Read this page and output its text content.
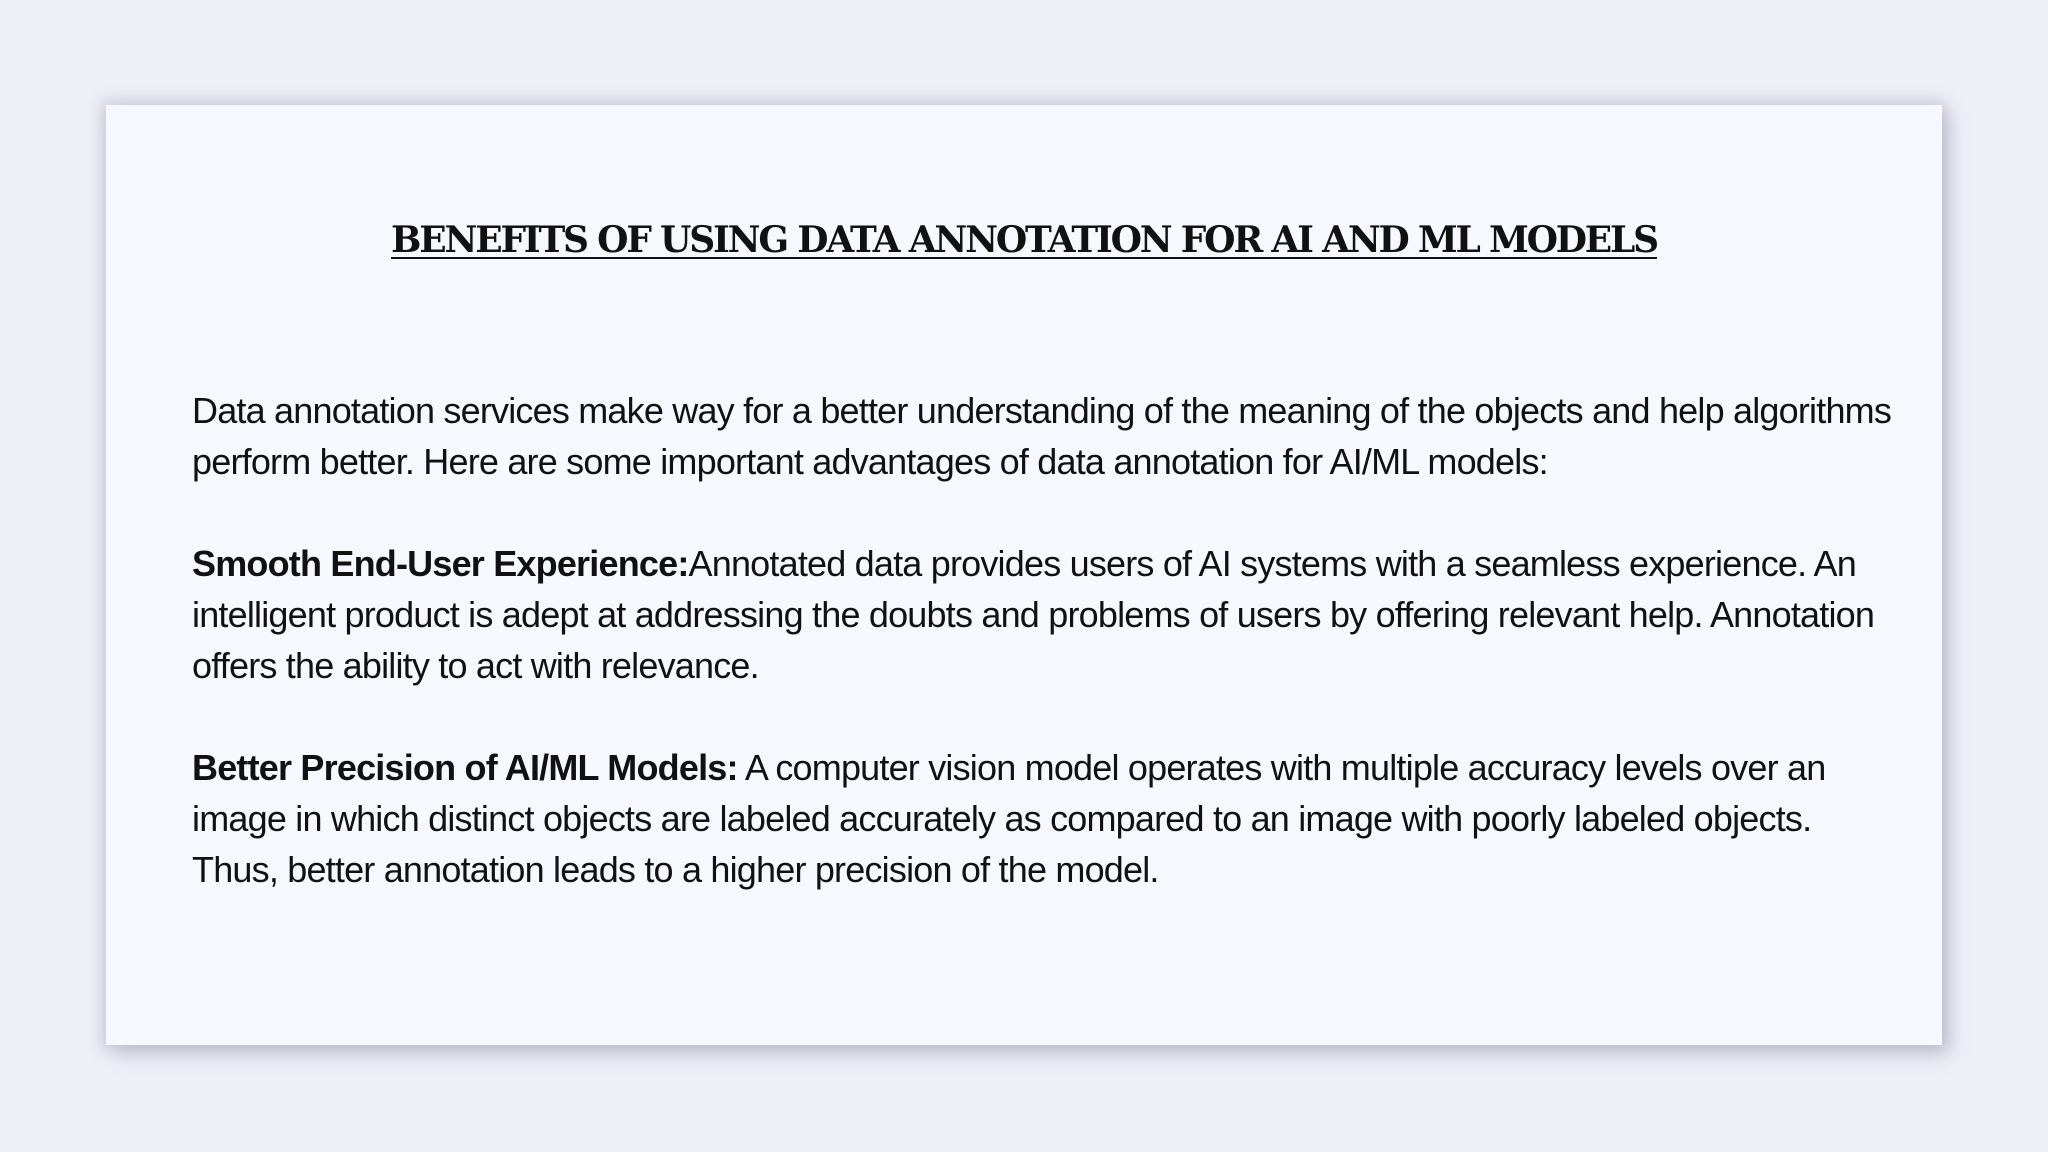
BENEFITS OF USING DATA ANNOTATION FOR AI AND ML MODELS

Data annotation services make way for a better understanding of the meaning of the objects and help algorithms perform better. Here are some important advantages of data annotation for AI/ML models:

Smooth End-User Experience:Annotated data provides users of AI systems with a seamless experience. An intelligent product is adept at addressing the doubts and problems of users by offering relevant help. Annotation offers the ability to act with relevance.

Better Precision of AI/ML Models: A computer vision model operates with multiple accuracy levels over an image in which distinct objects are labeled accurately as compared to an image with poorly labeled objects. Thus, better annotation leads to a higher precision of the model.
